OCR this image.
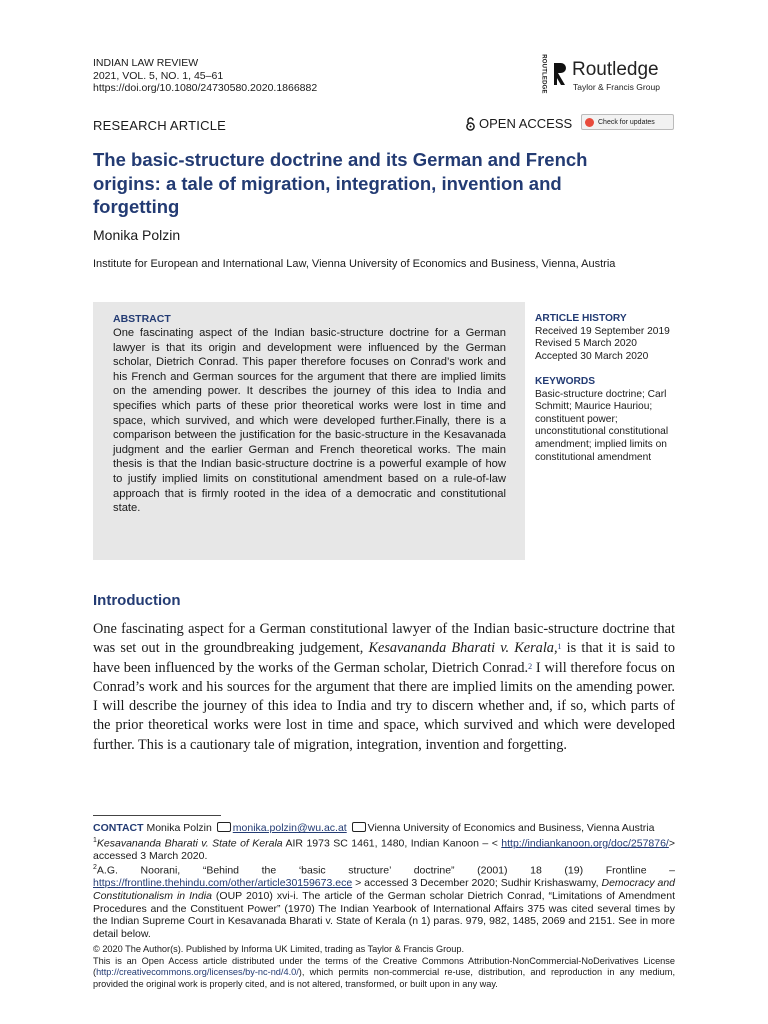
INDIAN LAW REVIEW
2021, VOL. 5, NO. 1, 45–61
https://doi.org/10.1080/24730580.2020.1866882	ROUTLEDGE Routledge
Taylor & Francis Group
RESEARCH ARTICLE	OPEN ACCESS	Check for updates
The basic-structure doctrine and its German and French origins: a tale of migration, integration, invention and forgetting
Monika Polzin
Institute for European and International Law, Vienna University of Economics and Business, Vienna, Austria
ABSTRACT
One fascinating aspect of the Indian basic-structure doctrine for a German lawyer is that its origin and development were influenced by the German scholar, Dietrich Conrad. This paper therefore focuses on Conrad’s work and his French and German sources for the argument that there are implied limits on the amending power. It describes the journey of this idea to India and specifies which parts of these prior theoretical works were lost in time and space, which survived, and which were developed further.Finally, there is a comparison between the justification for the basic-structure in the Kesavanada judgment and the earlier German and French theoretical works. The main thesis is that the Indian basic-structure doctrine is a powerful example of how to justify implied limits on constitutional amendment based on a rule-of-law approach that is firmly rooted in the idea of a democratic and constitutional state.
ARTICLE HISTORY
Received 19 September 2019
Revised 5 March 2020
Accepted 30 March 2020
KEYWORDS
Basic-structure doctrine; Carl Schmitt; Maurice Hauriou; constituent power; unconstitutional constitutional amendment; implied limits on constitutional amendment
Introduction
One fascinating aspect for a German constitutional lawyer of the Indian basic-structure doctrine that was set out in the groundbreaking judgement, Kesavananda Bharati v. Kerala,$^1$ is that it is said to have been influenced by the works of the German scholar, Dietrich Conrad.$^2$ I will therefore focus on Conrad’s work and his sources for the argument that there are implied limits on the amending power. I will describe the journey of this idea to India and try to discern whether and, if so, which parts of the prior theoretical works were lost in time and space, which survived and which were developed further. This is a cautionary tale of migration, integration, invention and forgetting.
CONTACT Monika Polzin monika.polzin@wu.ac.at Vienna University of Economics and Business, Vienna Austria
$^1$Kesavananda Bharati v. State of Kerala AIR 1973 SC 1461, 1480, Indian Kanoon – < http://indiankanoon.org/doc/257876/> accessed 3 March 2020.
$^2$A.G. Noorani, “Behind the ‘basic structure’ doctrine” (2001) 18 (19) Frontline – https://frontline.thehindu.com/other/article30159673.ece > accessed 3 December 2020; Sudhir Krishaswamy, Democracy and Constitutionalism in India (OUP 2010) xvi-i. The article of the German scholar Dietrich Conrad, “Limitations of Amendment Procedures and the Constituent Power” (1970) The Indian Yearbook of International Affairs 375 was cited several times by the Indian Supreme Court in Kesavanada Bharati v. State of Kerala (n 1) paras. 979, 982, 1485, 2069 and 2151. See in more detail below.
© 2020 The Author(s). Published by Informa UK Limited, trading as Taylor & Francis Group.
This is an Open Access article distributed under the terms of the Creative Commons Attribution-NonCommercial-NoDerivatives License (http://creativecommons.org/licenses/by-nc-nd/4.0/), which permits non-commercial re-use, distribution, and reproduction in any medium, provided the original work is properly cited, and is not altered, transformed, or built upon in any way.
